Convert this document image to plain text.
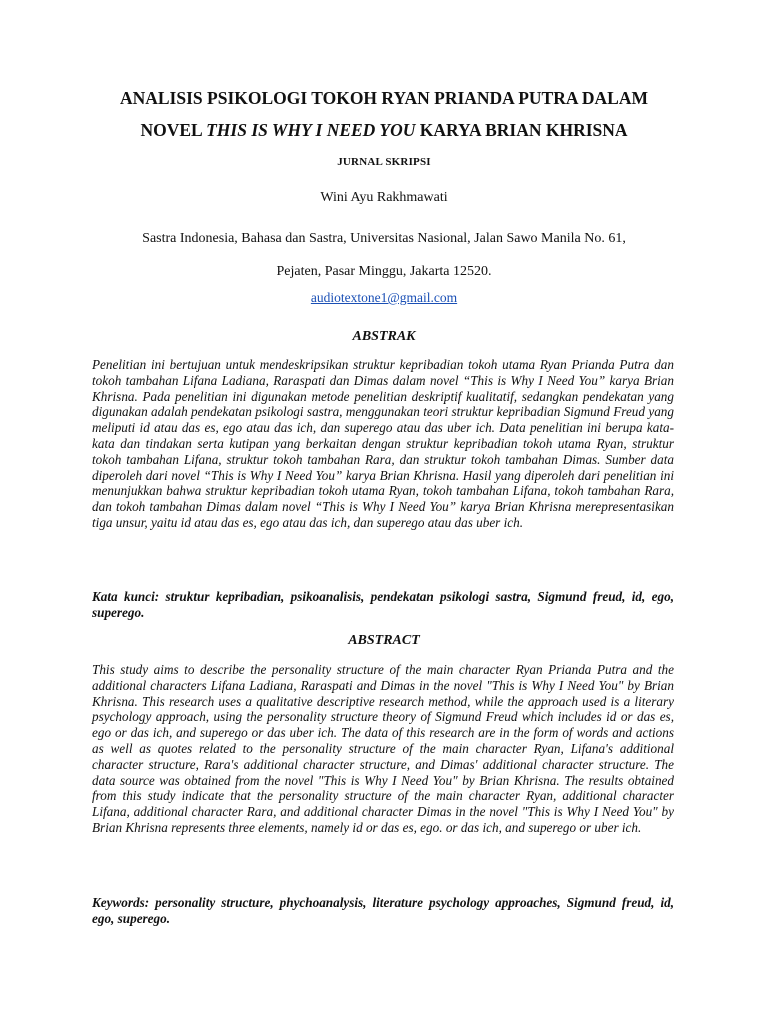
ANALISIS PSIKOLOGI TOKOH RYAN PRIANDA PUTRA DALAM
NOVEL THIS IS WHY I NEED YOU KARYA BRIAN KHRISNA
JURNAL SKRIPSI
Wini Ayu Rakhmawati
Sastra Indonesia, Bahasa dan Sastra, Universitas Nasional, Jalan Sawo Manila No. 61,
Pejaten, Pasar Minggu, Jakarta 12520.
audiotextone1@gmail.com
ABSTRAK
Penelitian ini bertujuan untuk mendeskripsikan struktur kepribadian tokoh utama Ryan Prianda Putra dan tokoh tambahan Lifana Ladiana, Raraspati dan Dimas dalam novel “This is Why I Need You” karya Brian Khrisna. Pada penelitian ini digunakan metode penelitian deskriptif kualitatif, sedangkan pendekatan yang digunakan adalah pendekatan psikologi sastra, menggunakan teori struktur kepribadian Sigmund Freud yang meliputi id atau das es, ego atau das ich, dan superego atau das uber ich. Data penelitian ini berupa kata-kata dan tindakan serta kutipan yang berkaitan dengan struktur kepribadian tokoh utama Ryan, struktur tokoh tambahan Lifana, struktur tokoh tambahan Rara, dan struktur tokoh tambahan Dimas. Sumber data diperoleh dari novel “This is Why I Need You” karya Brian Khrisna. Hasil yang diperoleh dari penelitian ini menunjukkan bahwa struktur kepribadian tokoh utama Ryan, tokoh tambahan Lifana, tokoh tambahan Rara, dan tokoh tambahan Dimas dalam novel “This is Why I Need You” karya Brian Khrisna merepresentasikan tiga unsur, yaitu id atau das es, ego atau das ich, dan superego atau das uber ich.
Kata kunci: struktur kepribadian, psikoanalisis, pendekatan psikologi sastra, Sigmund freud, id, ego, superego.
ABSTRACT
This study aims to describe the personality structure of the main character Ryan Prianda Putra and the additional characters Lifana Ladiana, Raraspati and Dimas in the novel "This is Why I Need You" by Brian Khrisna. This research uses a qualitative descriptive research method, while the approach used is a literary psychology approach, using the personality structure theory of Sigmund Freud which includes id or das es, ego or das ich, and superego or das uber ich. The data of this research are in the form of words and actions as well as quotes related to the personality structure of the main character Ryan, Lifana's additional character structure, Rara's additional character structure, and Dimas' additional character structure. The data source was obtained from the novel "This is Why I Need You" by Brian Khrisna. The results obtained from this study indicate that the personality structure of the main character Ryan, additional character Lifana, additional character Rara, and additional character Dimas in the novel "This is Why I Need You" by Brian Khrisna represents three elements, namely id or das es, ego. or das ich, and superego or uber ich.
Keywords: personality structure, phychoanalysis, literature psychology approaches, Sigmund freud, id, ego, superego.
